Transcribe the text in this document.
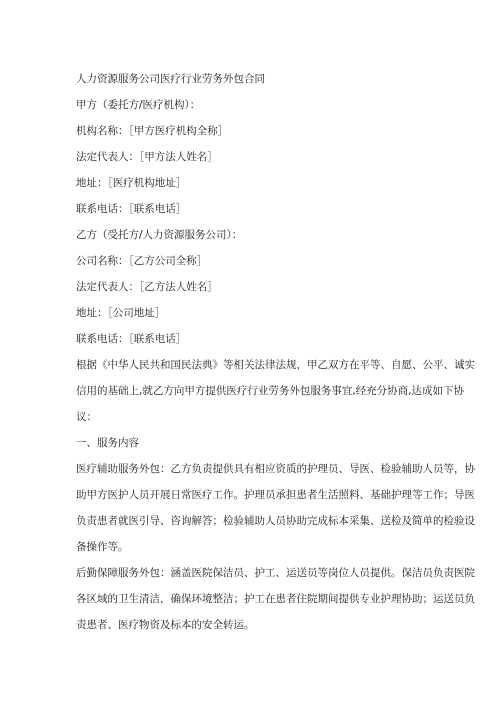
人力资源服务公司医疗行业劳务外包合同

甲方（委托方/医疗机构）：

机构名称：［甲方医疗机构全称］

法定代表人：［甲方法人姓名］

地址：［医疗机构地址］

联系电话：［联系电话］

乙方（受托方/人力资源服务公司）：

公司名称：［乙方公司全称］

法定代表人：［乙方法人姓名］

地址：［公司地址］

联系电话：［联系电话］

根据《中华人民共和国民法典》等相关法律法规，甲乙双方在平等、自愿、公平、诚实
信用的基础上,就乙方向甲方提供医疗行业劳务外包服务事宜,经充分协商,达成如下协
议：

一、服务内容

医疗辅助服务外包：乙方负责提供具有相应资质的护理员、导医、检验辅助人员等，协
助甲方医护人员开展日常医疗工作。护理员承担患者生活照料、基础护理等工作；导医
负责患者就医引导、咨询解答；检验辅助人员协助完成标本采集、送检及简单的检验设
备操作等。
后勤保障服务外包：涵盖医院保洁员、护工、运送员等岗位人员提供。保洁员负责医院
各区域的卫生清洁，确保环境整洁；护工在患者住院期间提供专业护理协助；运送员负
责患者、医疗物资及标本的安全转运。
